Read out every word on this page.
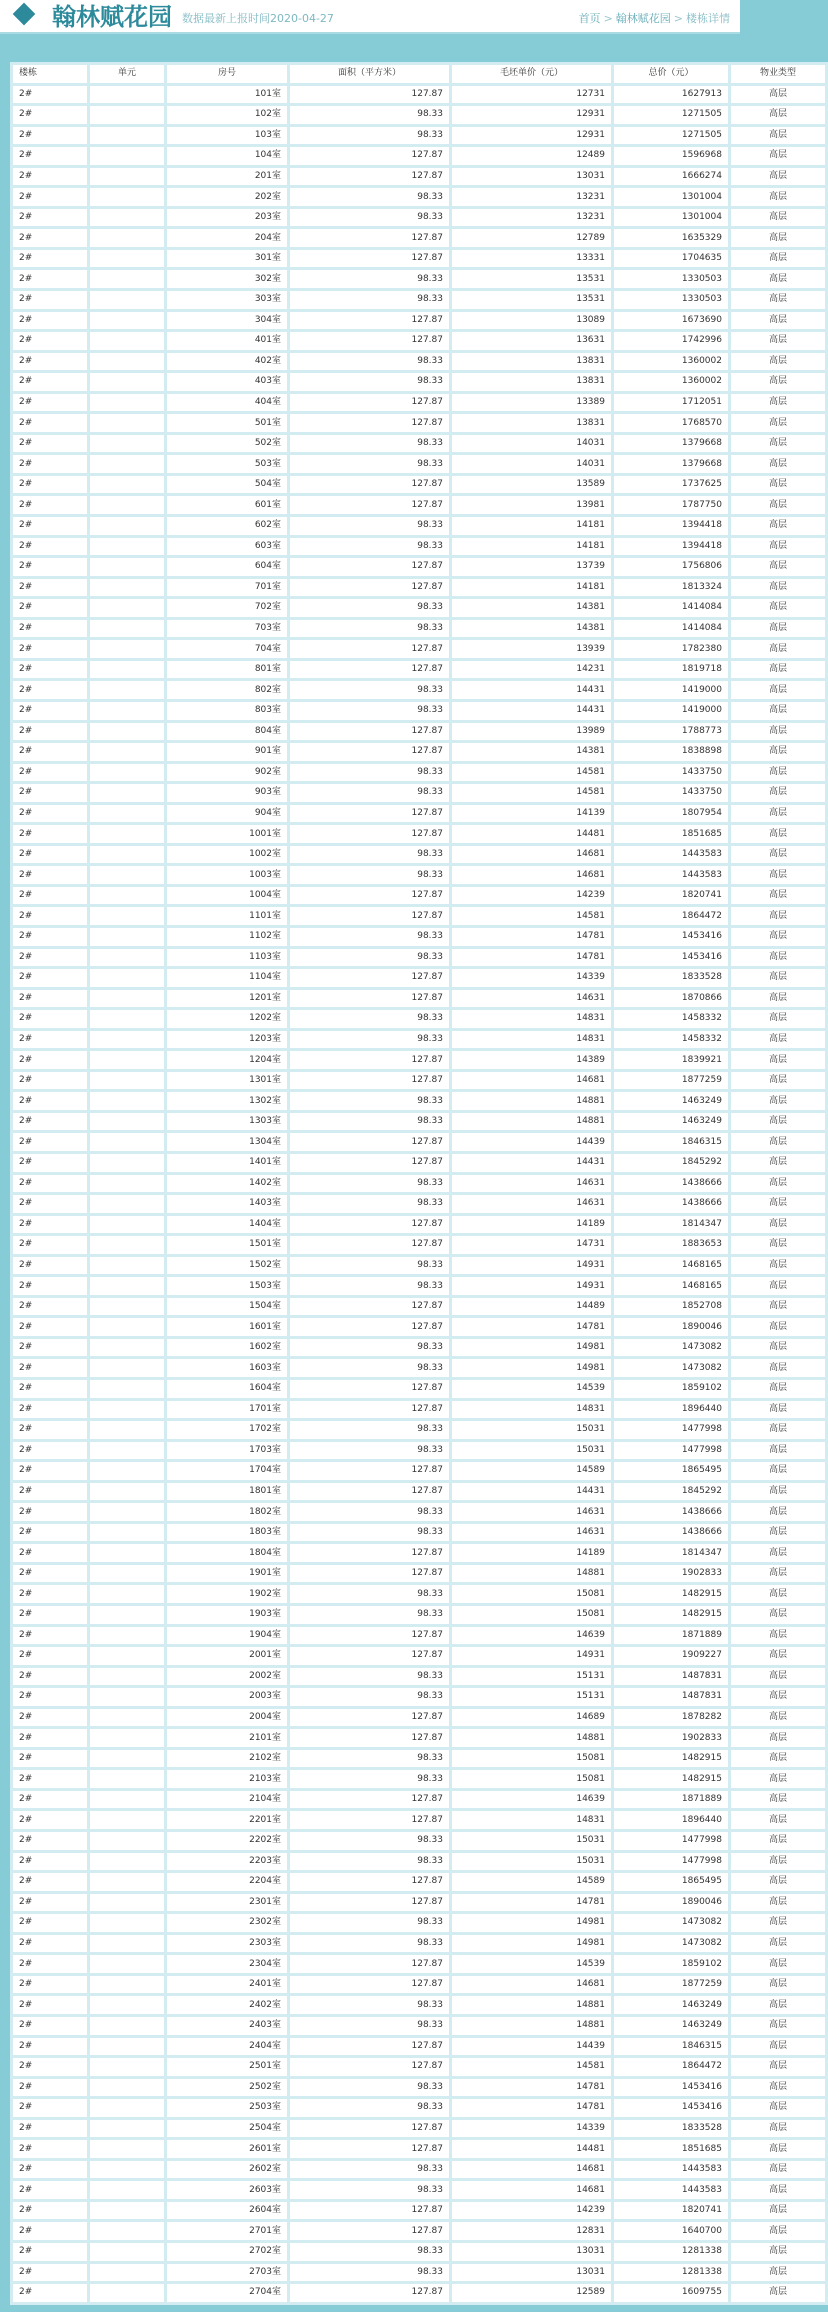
翰林赋花园 数据最新上报时间2020-04-27	首页 > 翰林赋花园 > 楼栋详情
楼栋	单元	房号	面积（平方米）	毛坯单价（元）	总价（元）	物业类型
2#		101室	127.87	12731	1627913	高层
2#		102室	98.33	12931	1271505	高层
2#		103室	98.33	12931	1271505	高层
2#		104室	127.87	12489	1596968	高层
2#		201室	127.87	13031	1666274	高层
2#		202室	98.33	13231	1301004	高层
2#		203室	98.33	13231	1301004	高层
2#		204室	127.87	12789	1635329	高层
2#		301室	127.87	13331	1704635	高层
2#		302室	98.33	13531	1330503	高层
2#		303室	98.33	13531	1330503	高层
2#		304室	127.87	13089	1673690	高层
2#		401室	127.87	13631	1742996	高层
2#		402室	98.33	13831	1360002	高层
2#		403室	98.33	13831	1360002	高层
2#		404室	127.87	13389	1712051	高层
2#		501室	127.87	13831	1768570	高层
2#		502室	98.33	14031	1379668	高层
2#		503室	98.33	14031	1379668	高层
2#		504室	127.87	13589	1737625	高层
2#		601室	127.87	13981	1787750	高层
2#		602室	98.33	14181	1394418	高层
2#		603室	98.33	14181	1394418	高层
2#		604室	127.87	13739	1756806	高层
2#		701室	127.87	14181	1813324	高层
2#		702室	98.33	14381	1414084	高层
2#		703室	98.33	14381	1414084	高层
2#		704室	127.87	13939	1782380	高层
2#		801室	127.87	14231	1819718	高层
2#		802室	98.33	14431	1419000	高层
2#		803室	98.33	14431	1419000	高层
2#		804室	127.87	13989	1788773	高层
2#		901室	127.87	14381	1838898	高层
2#		902室	98.33	14581	1433750	高层
2#		903室	98.33	14581	1433750	高层
2#		904室	127.87	14139	1807954	高层
2#		1001室	127.87	14481	1851685	高层
2#		1002室	98.33	14681	1443583	高层
2#		1003室	98.33	14681	1443583	高层
2#		1004室	127.87	14239	1820741	高层
2#		1101室	127.87	14581	1864472	高层
2#		1102室	98.33	14781	1453416	高层
2#		1103室	98.33	14781	1453416	高层
2#		1104室	127.87	14339	1833528	高层
2#		1201室	127.87	14631	1870866	高层
2#		1202室	98.33	14831	1458332	高层
2#		1203室	98.33	14831	1458332	高层
2#		1204室	127.87	14389	1839921	高层
2#		1301室	127.87	14681	1877259	高层
2#		1302室	98.33	14881	1463249	高层
2#		1303室	98.33	14881	1463249	高层
2#		1304室	127.87	14439	1846315	高层
2#		1401室	127.87	14431	1845292	高层
2#		1402室	98.33	14631	1438666	高层
2#		1403室	98.33	14631	1438666	高层
2#		1404室	127.87	14189	1814347	高层
2#		1501室	127.87	14731	1883653	高层
2#		1502室	98.33	14931	1468165	高层
2#		1503室	98.33	14931	1468165	高层
2#		1504室	127.87	14489	1852708	高层
2#		1601室	127.87	14781	1890046	高层
2#		1602室	98.33	14981	1473082	高层
2#		1603室	98.33	14981	1473082	高层
2#		1604室	127.87	14539	1859102	高层
2#		1701室	127.87	14831	1896440	高层
2#		1702室	98.33	15031	1477998	高层
2#		1703室	98.33	15031	1477998	高层
2#		1704室	127.87	14589	1865495	高层
2#		1801室	127.87	14431	1845292	高层
2#		1802室	98.33	14631	1438666	高层
2#		1803室	98.33	14631	1438666	高层
2#		1804室	127.87	14189	1814347	高层
2#		1901室	127.87	14881	1902833	高层
2#		1902室	98.33	15081	1482915	高层
2#		1903室	98.33	15081	1482915	高层
2#		1904室	127.87	14639	1871889	高层
2#		2001室	127.87	14931	1909227	高层
2#		2002室	98.33	15131	1487831	高层
2#		2003室	98.33	15131	1487831	高层
2#		2004室	127.87	14689	1878282	高层
2#		2101室	127.87	14881	1902833	高层
2#		2102室	98.33	15081	1482915	高层
2#		2103室	98.33	15081	1482915	高层
2#		2104室	127.87	14639	1871889	高层
2#		2201室	127.87	14831	1896440	高层
2#		2202室	98.33	15031	1477998	高层
2#		2203室	98.33	15031	1477998	高层
2#		2204室	127.87	14589	1865495	高层
2#		2301室	127.87	14781	1890046	高层
2#		2302室	98.33	14981	1473082	高层
2#		2303室	98.33	14981	1473082	高层
2#		2304室	127.87	14539	1859102	高层
2#		2401室	127.87	14681	1877259	高层
2#		2402室	98.33	14881	1463249	高层
2#		2403室	98.33	14881	1463249	高层
2#		2404室	127.87	14439	1846315	高层
2#		2501室	127.87	14581	1864472	高层
2#		2502室	98.33	14781	1453416	高层
2#		2503室	98.33	14781	1453416	高层
2#		2504室	127.87	14339	1833528	高层
2#		2601室	127.87	14481	1851685	高层
2#		2602室	98.33	14681	1443583	高层
2#		2603室	98.33	14681	1443583	高层
2#		2604室	127.87	14239	1820741	高层
2#		2701室	127.87	12831	1640700	高层
2#		2702室	98.33	13031	1281338	高层
2#		2703室	98.33	13031	1281338	高层
2#		2704室	127.87	12589	1609755	高层
